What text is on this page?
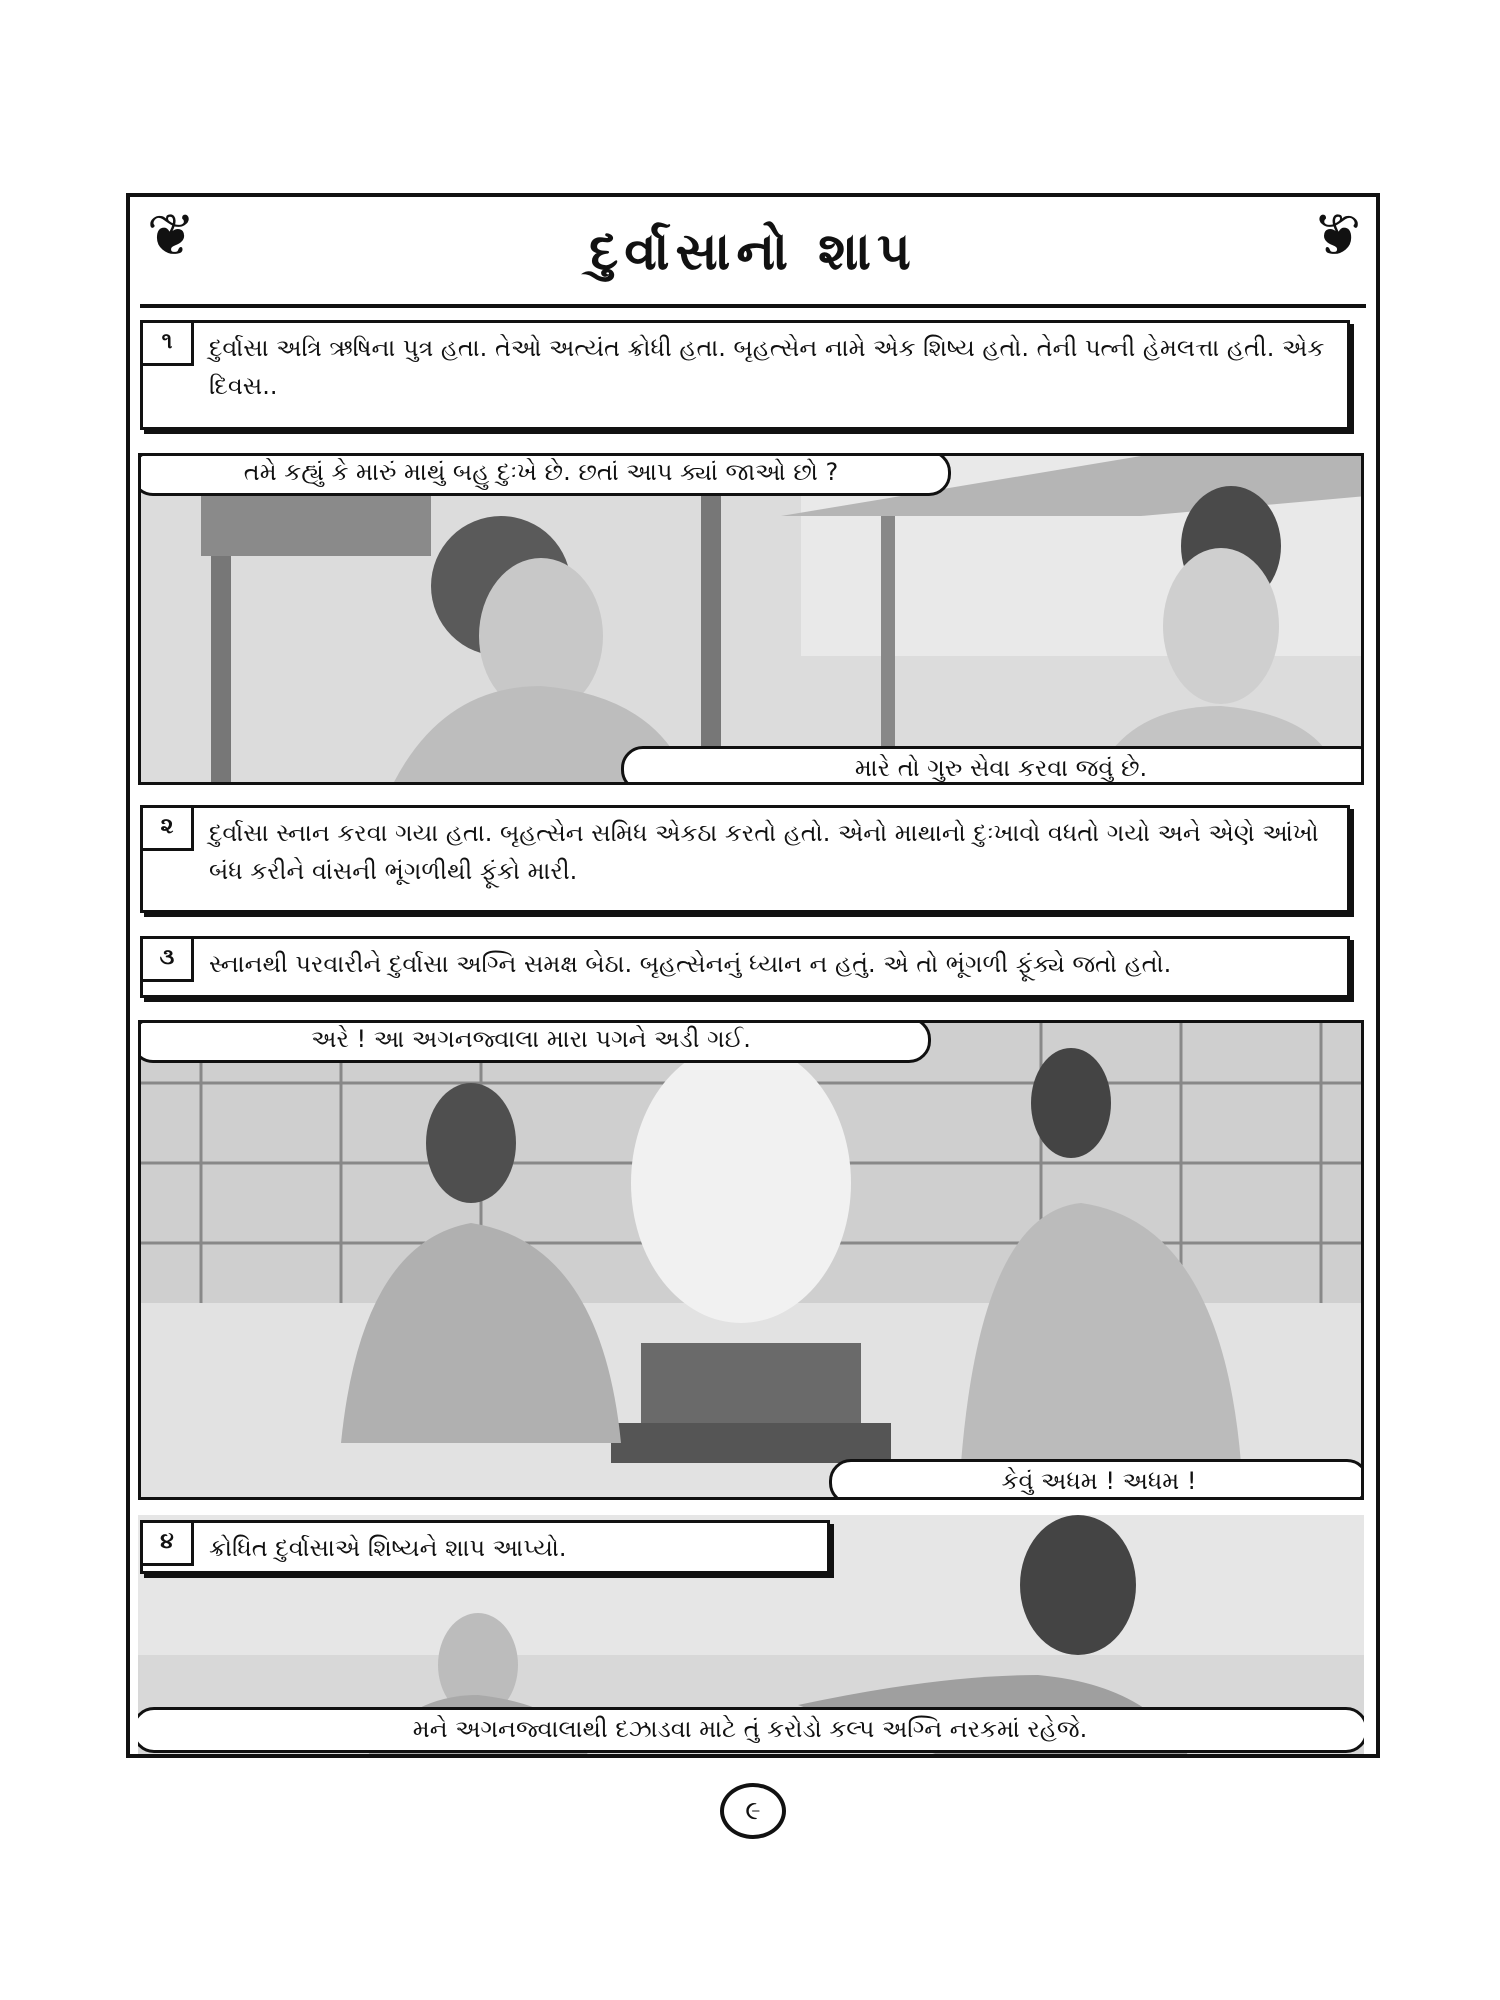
❦	❦
દુર્વાસાનો શાપ
૧	દુર્વાસા અત્રિ ઋષિના પુત્ર હતા. તેઓ અત્યંત ક્રોધી હતા. બૃહત્સેન નામે એક શિષ્ય હતો. તેની પત્ની હેમલત્તા હતી. એક દિવસ..
તમે કહ્યું કે મારું માથું બહુ દુઃખે છે. છતાં આપ ક્યાં જાઓ છો ?
મારે તો ગુરુ સેવા કરવા જવું છે.
૨	દુર્વાસા સ્નાન કરવા ગયા હતા. બૃહત્સેન સમિધ એકઠા કરતો હતો. એનો માથાનો દુઃખાવો વધતો ગયો અને એણે આંખો બંધ કરીને વાંસની ભૂંગળીથી ફૂંકો મારી.
૩	સ્નાનથી પરવારીને દુર્વાસા અગ્નિ સમક્ષ બેઠા. બૃહત્સેનનું ધ્યાન ન હતું. એ તો ભૂંગળી ફૂંક્યે જતો હતો.
અરે ! આ અગનજ્વાલા મારા પગને અડી ગઈ.
કેવું અધમ ! અધમ !
૪	ક્રોધિત દુર્વાસાએ શિષ્યને શાપ આપ્યો.
મને અગનજ્વાલાથી દઝાડવા માટે તું કરોડો કલ્પ અગ્નિ નરકમાં રહેજે.
૯
